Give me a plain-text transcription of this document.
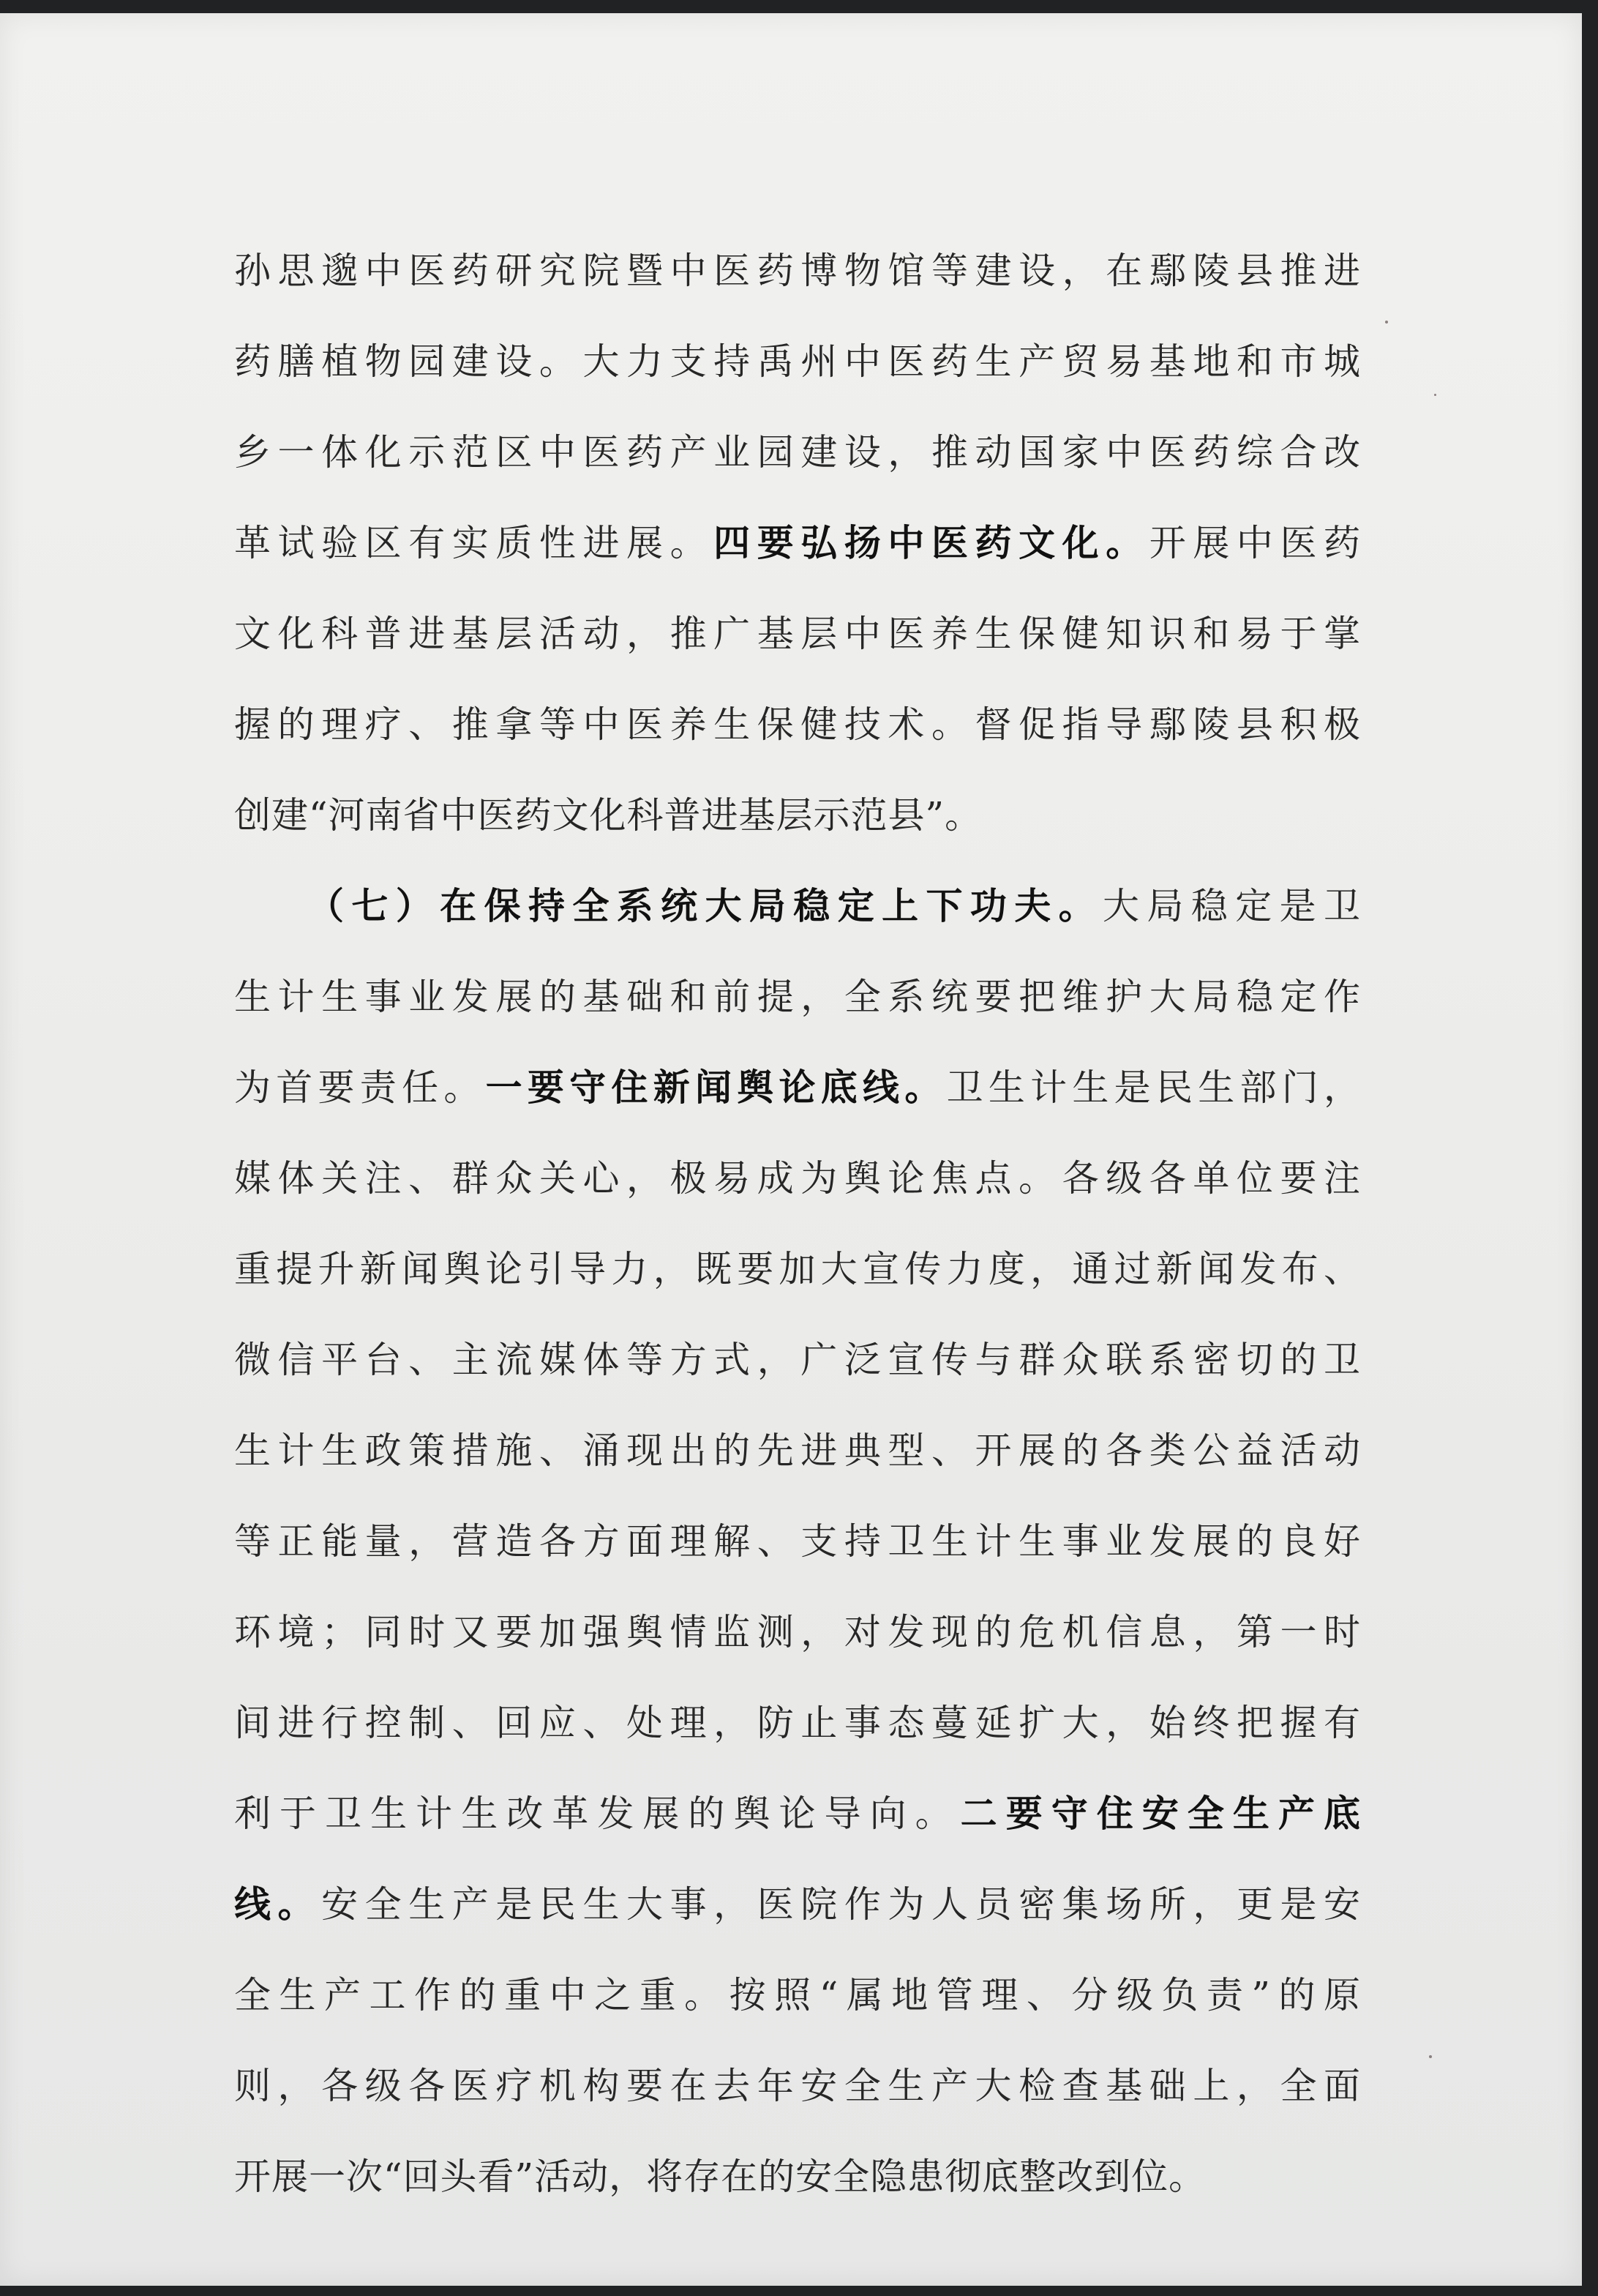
孙思邈中医药研究院暨中医药博物馆等建设，在鄢陵县推进
药膳植物园建设。大力支持禹州中医药生产贸易基地和市城
乡一体化示范区中医药产业园建设，推动国家中医药综合改
革试验区有实质性进展。四要弘扬中医药文化。开展中医药
文化科普进基层活动，推广基层中医养生保健知识和易于掌
握的理疗、推拿等中医养生保健技术。督促指导鄢陵县积极
创建“河南省中医药文化科普进基层示范县”。
（七）在保持全系统大局稳定上下功夫。大局稳定是卫
生计生事业发展的基础和前提，全系统要把维护大局稳定作
为首要责任。一要守住新闻舆论底线。卫生计生是民生部门，
媒体关注、群众关心，极易成为舆论焦点。各级各单位要注
重提升新闻舆论引导力，既要加大宣传力度，通过新闻发布、
微信平台、主流媒体等方式，广泛宣传与群众联系密切的卫
生计生政策措施、涌现出的先进典型、开展的各类公益活动
等正能量，营造各方面理解、支持卫生计生事业发展的良好
环境；同时又要加强舆情监测，对发现的危机信息，第一时
间进行控制、回应、处理，防止事态蔓延扩大，始终把握有
利于卫生计生改革发展的舆论导向。二要守住安全生产底
线。安全生产是民生大事，医院作为人员密集场所，更是安
全生产工作的重中之重。按照“属地管理、分级负责”的原
则，各级各医疗机构要在去年安全生产大检查基础上，全面
开展一次“回头看”活动，将存在的安全隐患彻底整改到位。
